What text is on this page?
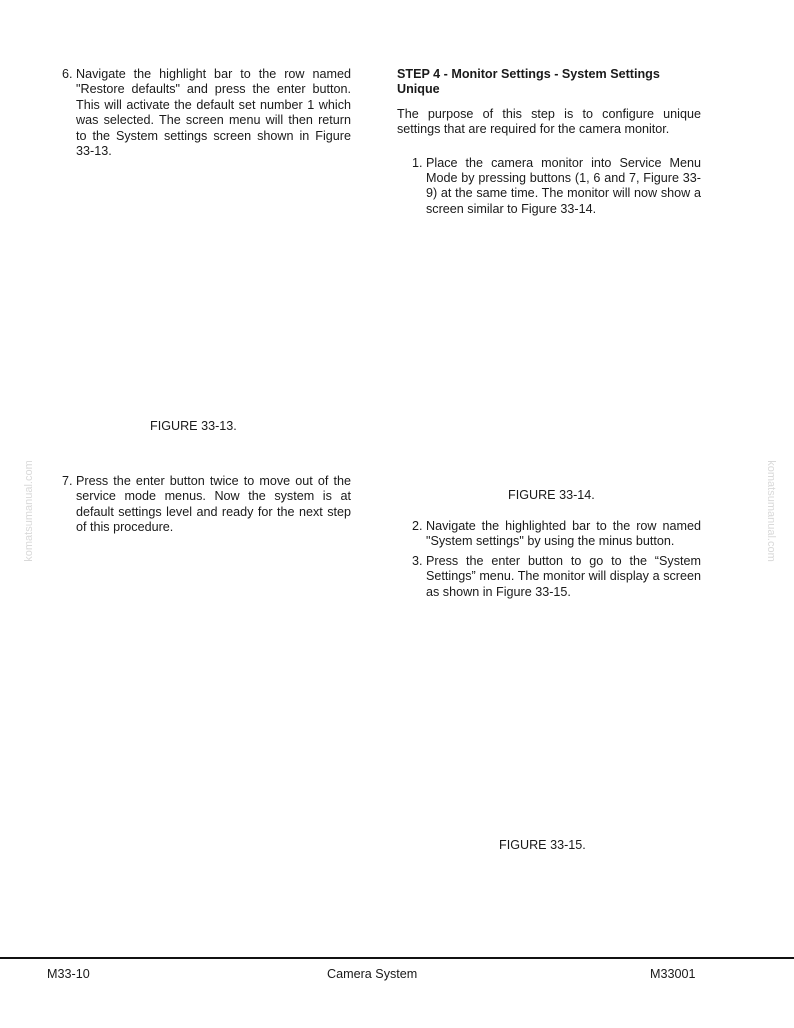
6. Navigate the highlight bar to the row named "Restore defaults" and press the enter button. This will activate the default set number 1 which was selected. The screen menu will then return to the System settings screen shown in Figure 33-13.
FIGURE 33-13.
7. Press the enter button twice to move out of the service mode menus. Now the system is at default settings level and ready for the next step of this procedure.

STEP 4 - Monitor Settings - System Settings Unique

The purpose of this step is to configure unique settings that are required for the camera monitor.

1. Place the camera monitor into Service Menu Mode by pressing buttons (1, 6 and 7, Figure 33-9) at the same time. The monitor will now show a screen similar to Figure 33-14.
FIGURE 33-14.
2. Navigate the highlighted bar to the row named "System settings" by using the minus button.
3. Press the enter button to go to the “System Settings” menu. The monitor will display a screen as shown in Figure 33-15.
FIGURE 33-15.
komatsumanual.com	komatsumanual.com
M33-10	Camera System	M33001
